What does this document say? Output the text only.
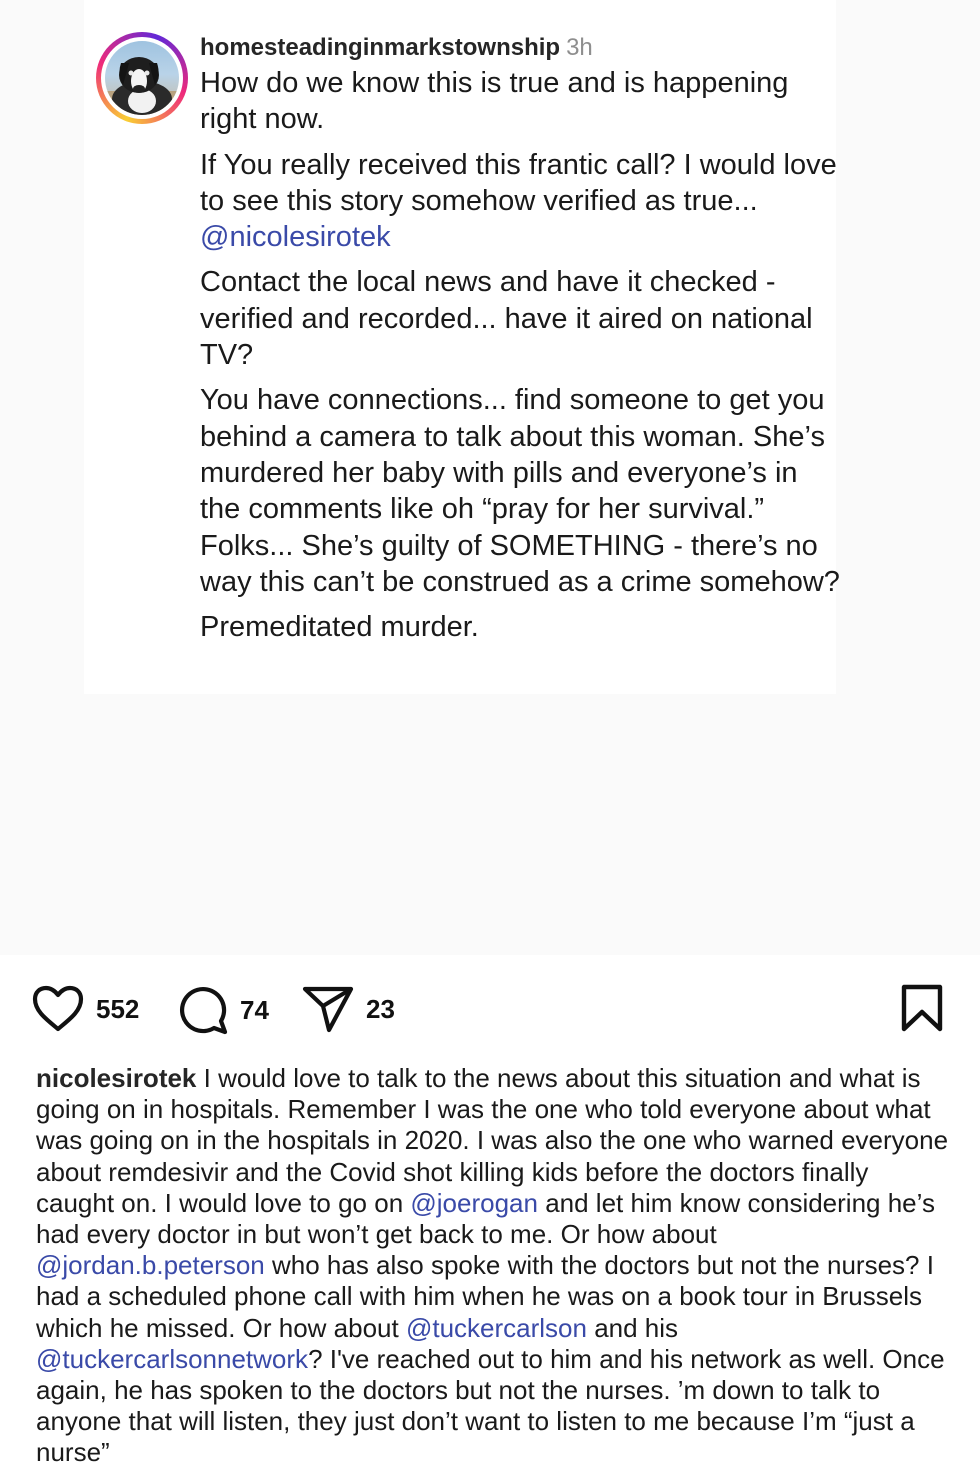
homesteadinginmarkstownship 3h

How do we know this is true and is happening right now.

If You really received this frantic call? I would love to see this story somehow verified as true... @nicolesirotek

Contact the local news and have it checked - verified and recorded... have it aired on national TV?

You have connections... find someone to get you behind a camera to talk about this woman. She’s murdered her baby with pills and everyone’s in the comments like oh “pray for her survival.” Folks... She’s guilty of SOMETHING - there’s no way this can’t be construed as a crime somehow?

Premeditated murder.

552	74	23

nicolesirotek I would love to talk to the news about this situation and what is going on in hospitals. Remember I was the one who told everyone about what was going on in the hospitals in 2020. I was also the one who warned everyone about remdesivir and the Covid shot killing kids before the doctors finally caught on. I would love to go on @joerogan and let him know considering he’s had every doctor in but won’t get back to me. Or how about @jordan.b.peterson who has also spoke with the doctors but not the nurses? I had a scheduled phone call with him when he was on a book tour in Brussels which he missed. Or how about @tuckercarlson and his @tuckercarlsonnetwork? I've reached out to him and his network as well. Once again, he has spoken to the doctors but not the nurses. ’m down to talk to anyone that will listen, they just don’t want to listen to me because I’m “just a nurse”
